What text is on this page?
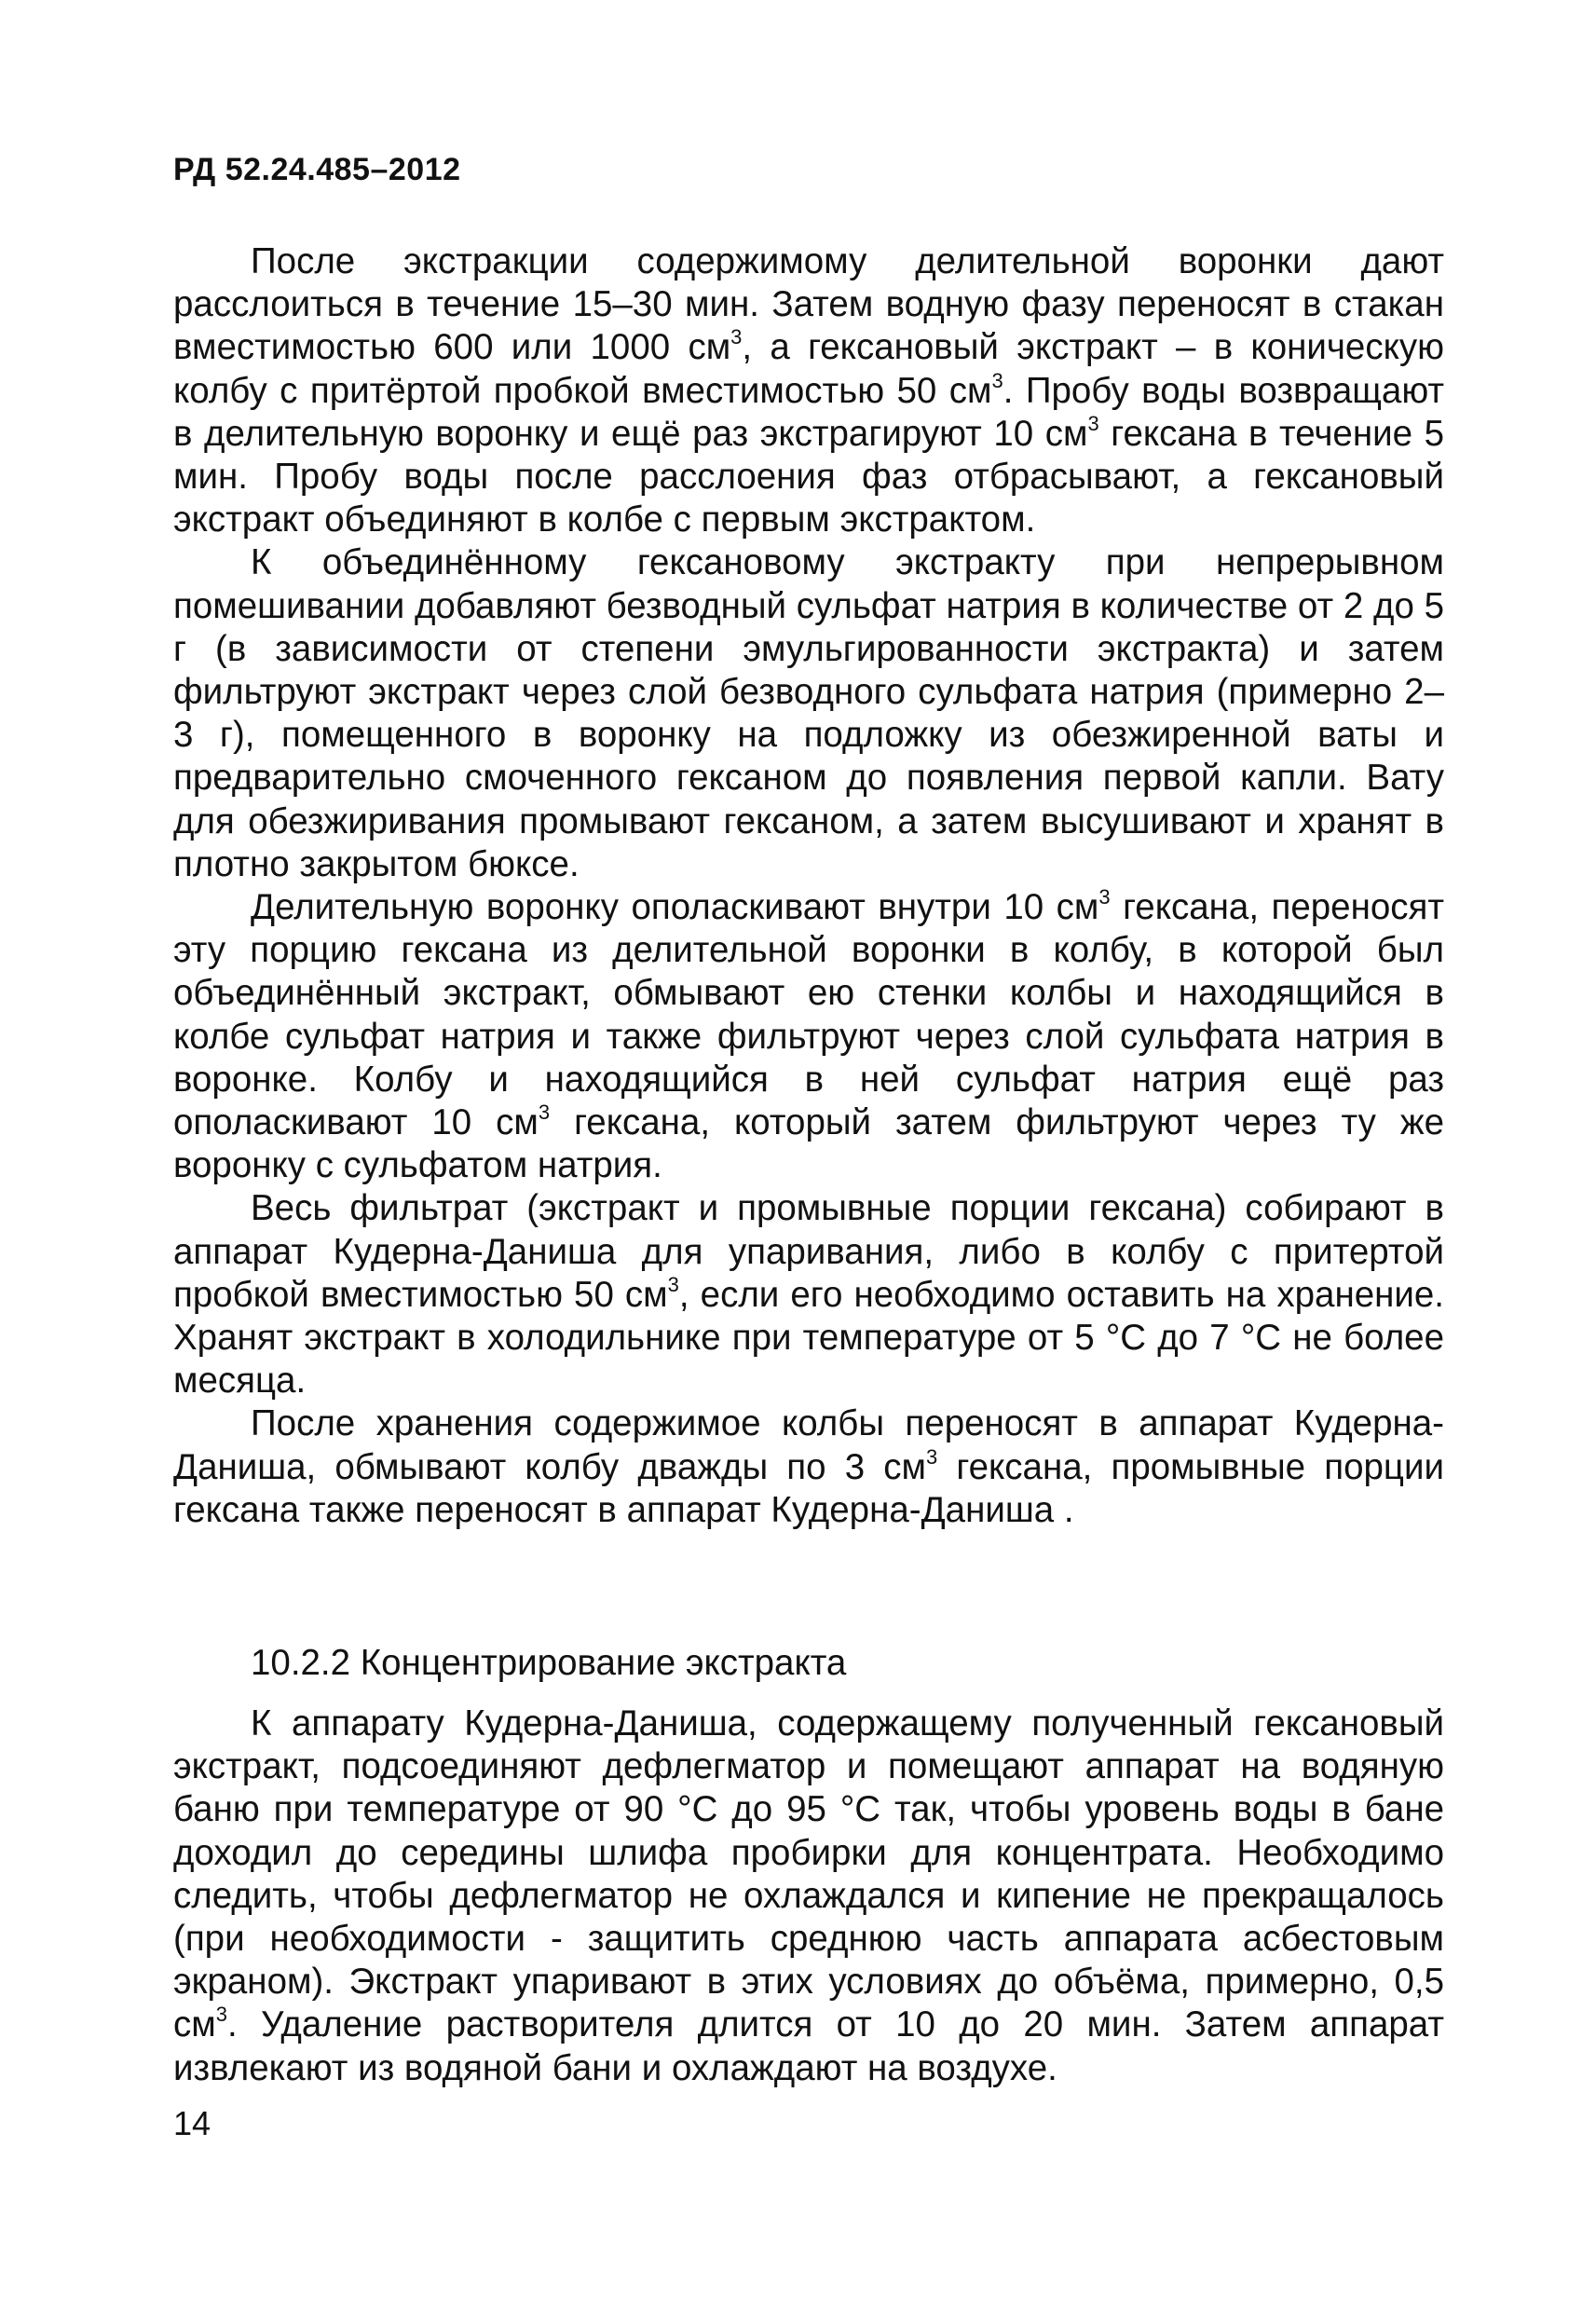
РД 52.24.485–2012

После экстракции содержимому делительной воронки дают расслоиться в течение 15–30 мин. Затем водную фазу переносят в стакан вместимостью 600 или 1000 $см^3$, а гексановый экстракт – в коническую колбу с притёртой пробкой вместимостью 50 $см^3$. Пробу воды возвращают в делительную воронку и ещё раз экстрагируют 10 $см^3$ гексана в течение 5 мин. Пробу воды после расслоения фаз отбрасывают, а гексановый экстракт объединяют в колбе с первым экстрактом.

К объединённому гексановому экстракту при непрерывном помешивании добавляют безводный сульфат натрия в количестве от 2 до 5 г (в зависимости от степени эмульгированности экстракта) и затем фильтруют экстракт через слой безводного сульфата натрия (примерно 2–3 г), помещенного в воронку на подложку из обезжиренной ваты и предварительно смоченного гексаном до появления первой капли. Вату для обезжиривания промывают гексаном, а затем высушивают и хранят в плотно закрытом бюксе.

Делительную воронку ополаскивают внутри 10 $см^3$ гексана, переносят эту порцию гексана из делительной воронки в колбу, в которой был объединённый экстракт, обмывают ею стенки колбы и находящийся в колбе сульфат натрия и также фильтруют через слой сульфата натрия в воронке. Колбу и находящийся в ней сульфат натрия ещё раз ополаскивают 10 $см^3$ гексана, который затем фильтруют через ту же воронку с сульфатом натрия.

Весь фильтрат (экстракт и промывные порции гексана) собирают в аппарат Кудерна-Даниша для упаривания, либо в колбу с притертой пробкой вместимостью 50 $см^3$, если его необходимо оставить на хранение. Хранят экстракт в холодильнике при температуре от 5 °С до 7 °С не более месяца.

После хранения содержимое колбы переносят в аппарат Кудерна-Даниша, обмывают колбу дважды по 3 $см^3$ гексана, промывные порции гексана также переносят в аппарат Кудерна-Даниша .

10.2.2 Концентрирование экстракта

К аппарату Кудерна-Даниша, содержащему полученный гексановый экстракт, подсоединяют дефлегматор и помещают аппарат на водяную баню при температуре от 90 °С до 95 °С так, чтобы уровень воды в бане доходил до середины шлифа пробирки для концентрата. Необходимо следить, чтобы дефлегматор не охлаждался и кипение не прекращалось (при необходимости - защитить среднюю часть аппарата асбестовым экраном). Экстракт упаривают в этих условиях до объёма, примерно, 0,5 $см^3$. Удаление растворителя длится от 10 до 20 мин. Затем аппарат извлекают из водяной бани и охлаждают на воздухе.

14
